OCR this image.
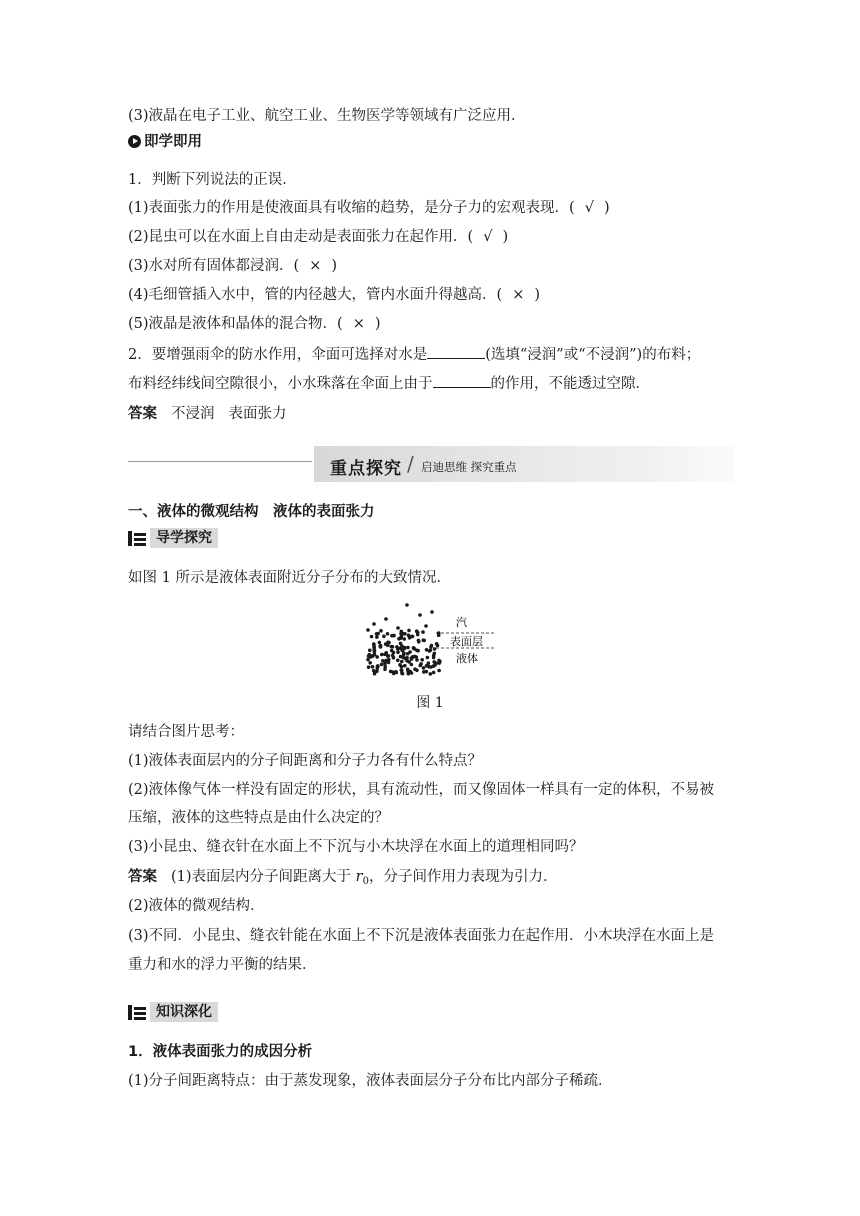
(3)液晶在电子工业、航空工业、生物医学等领域有广泛应用．
即学即用
1．判断下列说法的正误．
(1)表面张力的作用是使液面具有收缩的趋势，是分子力的宏观表现．( √ )
(2)昆虫可以在水面上自由走动是表面张力在起作用．( √ )
(3)水对所有固体都浸润．( × )
(4)毛细管插入水中，管的内径越大，管内水面升得越高．( × )
(5)液晶是液体和晶体的混合物．( × )
2．要增强雨伞的防水作用，伞面可选择对水是	(选填“浸润”或“不浸润”)的布料；
布料经纬线间空隙很小，小水珠落在伞面上由于	的作用，不能透过空隙．
答案 不浸润 表面张力
重点探究 / 启迪思维 探究重点
一、液体的微观结构　液体的表面张力
导学探究
如图 1 所示是液体表面附近分子分布的大致情况．
汽
表面层
液体
图 1
请结合图片思考：
(1)液体表面层内的分子间距离和分子力各有什么特点？
(2)液体像气体一样没有固定的形状，具有流动性，而又像固体一样具有一定的体积，不易被
压缩，液体的这些特点是由什么决定的？
(3)小昆虫、缝衣针在水面上不下沉与小木块浮在水面上的道理相同吗？
答案 (1)表面层内分子间距离大于 $r_0$，分子间作用力表现为引力．
(2)液体的微观结构．
(3)不同．小昆虫、缝衣针能在水面上不下沉是液体表面张力在起作用．小木块浮在水面上是
重力和水的浮力平衡的结果．
知识深化
1．液体表面张力的成因分析
(1)分子间距离特点：由于蒸发现象，液体表面层分子分布比内部分子稀疏．
